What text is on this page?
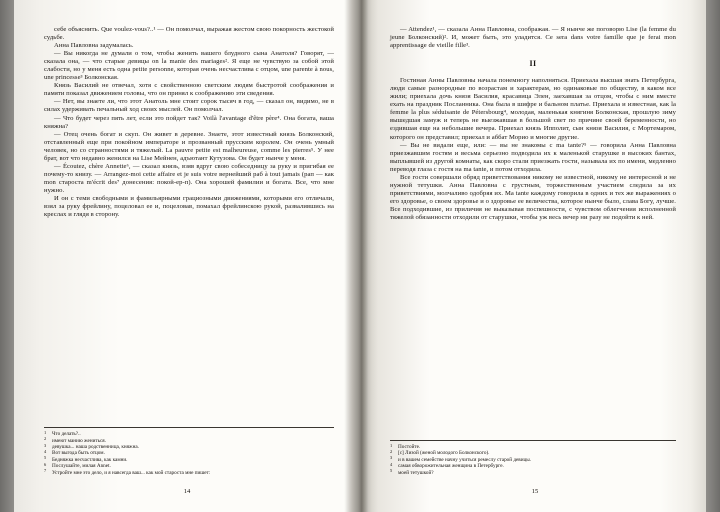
себе объяснить. Que voulez-vous?..¹ — Он помолчал, выражая жестом свою покорность жестокой судьбе.

Анна Павловна задумалась.

— Вы никогда не думали о том, чтобы женить вашего блудного сына Анатоля? Говорят, — сказала она, — что старые девицы on la manie des mariages². Я еще не чувствую за собой этой слабости, но у меня есть одна petite personne, которая очень несчастлива с отцом, une parente à nous, une princesse³ Болконская.

Князь Василий не отвечал, хотя с свойственною светским людям быстротой соображения и памяти показал движением головы, что он принял к соображению эти сведения.

— Нет, вы знаете ли, что этот Анатоль мне стоит сорок тысяч в год, — сказал он, видимо, не в силах удерживать печальный ход своих мыслей. Он помолчал.

— Что будет через пять лет, если это пойдет так? Voilà l'avantage d'être père⁴. Она богата, ваша княжна?

— Отец очень богат и скуп. Он живет в деревне. Знаете, этот известный князь Болконский, отставленный еще при покойном императоре и прозванный прусским королем. Он очень умный человек, но со странностями и тяжелый. La pauvre petite est malheureuse, comme les pierres⁵. У нее брат, вот что недавно женился на Lise Мейнен, адъютант Кутузова. Он будет нынче у меня.

— Écoutez, chère Annette⁶, — сказал князь, взяв вдруг свою собеседницу за руку и пригибая ее почему-то книзу. — Arrangez-moi cette affaire et je suis votre вернейший раб à tout jamais (рап — как mon староста m'écrit des⁷ донесения: покой-ер-п). Она хорошей фамилии и богата. Все, что мне нужно.

И он с теми свободными и фамильярными грациозными движениями, которыми его отличали, взял за руку фрейлину, поцеловал ее и, поцеловав, помахал фрейлинскою рукой, развалившись на креслах и глядя в сторону.

Что делать?..
имеют манию жениться.
девушка... наша родственница, княжна.
Вот выгода быть отцом.
Бедняжка несчастлива, как камни.
Послушайте, милая Annet.
Устройте мне это дело, и я навсегда ваш... как мой староста мне пишет:
14

— Attendez¹, — сказала Анна Павловна, соображая. — Я нынче же поговорю Lise (la femme du jeune Болконский)². И, может быть, это уладится. Ce sera dans votre famille que je ferai mon apprentissage de vieille fille³.

II

Гостиная Анны Павловны начала понемногу наполняться. Приехала высшая знать Петербурга, люди самые разнородные по возрастам и характерам, но одинаковые по обществу, в каком все жили; приехала дочь князя Василия, красавица Элен, заехавшая за отцом, чтобы с ним вместе ехать на праздник Посланника. Она была в шифре и бальном платье. Приехала и известная, как la femme la plus séduisante de Pétersbourg⁴, молодая, маленькая княгиня Болконская, прошлую зиму вышедшая замуж и теперь не выезжавшая в большой свет по причине своей беременности, но ездившая еще на небольшие вечера. Приехал князь Ипполит, сын князя Василия, с Мортемаром, которого он представил; приехал и аббат Морио и многие другие.

— Вы не видали еще, или: — вы не знакомы с ma tante?⁵ — говорила Анна Павловна приезжавшим гостям и весьма серьезно подводила их к маленькой старушке в высоких бантах, выплывшей из другой комнаты, как скоро стали приезжать гости, называла их по имени, медленно переводя глаза с гостя на ma tante, и потом отходила.

Все гости совершали обряд приветствования никому не известной, никому не интересной и не нужной тетушки. Анна Павловна с грустным, торжественным участием следила за их приветствиями, молчаливо одобряя их. Ma tante каждому говорила в одних и тех же выражениях о его здоровье, о своем здоровье и о здоровье ее величества, которое нынче было, слава Богу, лучше. Все подходившие, из приличия не выказывая поспешности, с чувством облегчения исполненной тяжелой обязанности отходили от старушки, чтобы уж весь вечер ни разу не подойти к ней.

Постойте.
[с] Лизой (женой молодого Болконского).
и в вашем семействе начну учиться ремеслу старой девицы.
самая обворожительная женщина в Петербурге.
моей тетушкой?
15
